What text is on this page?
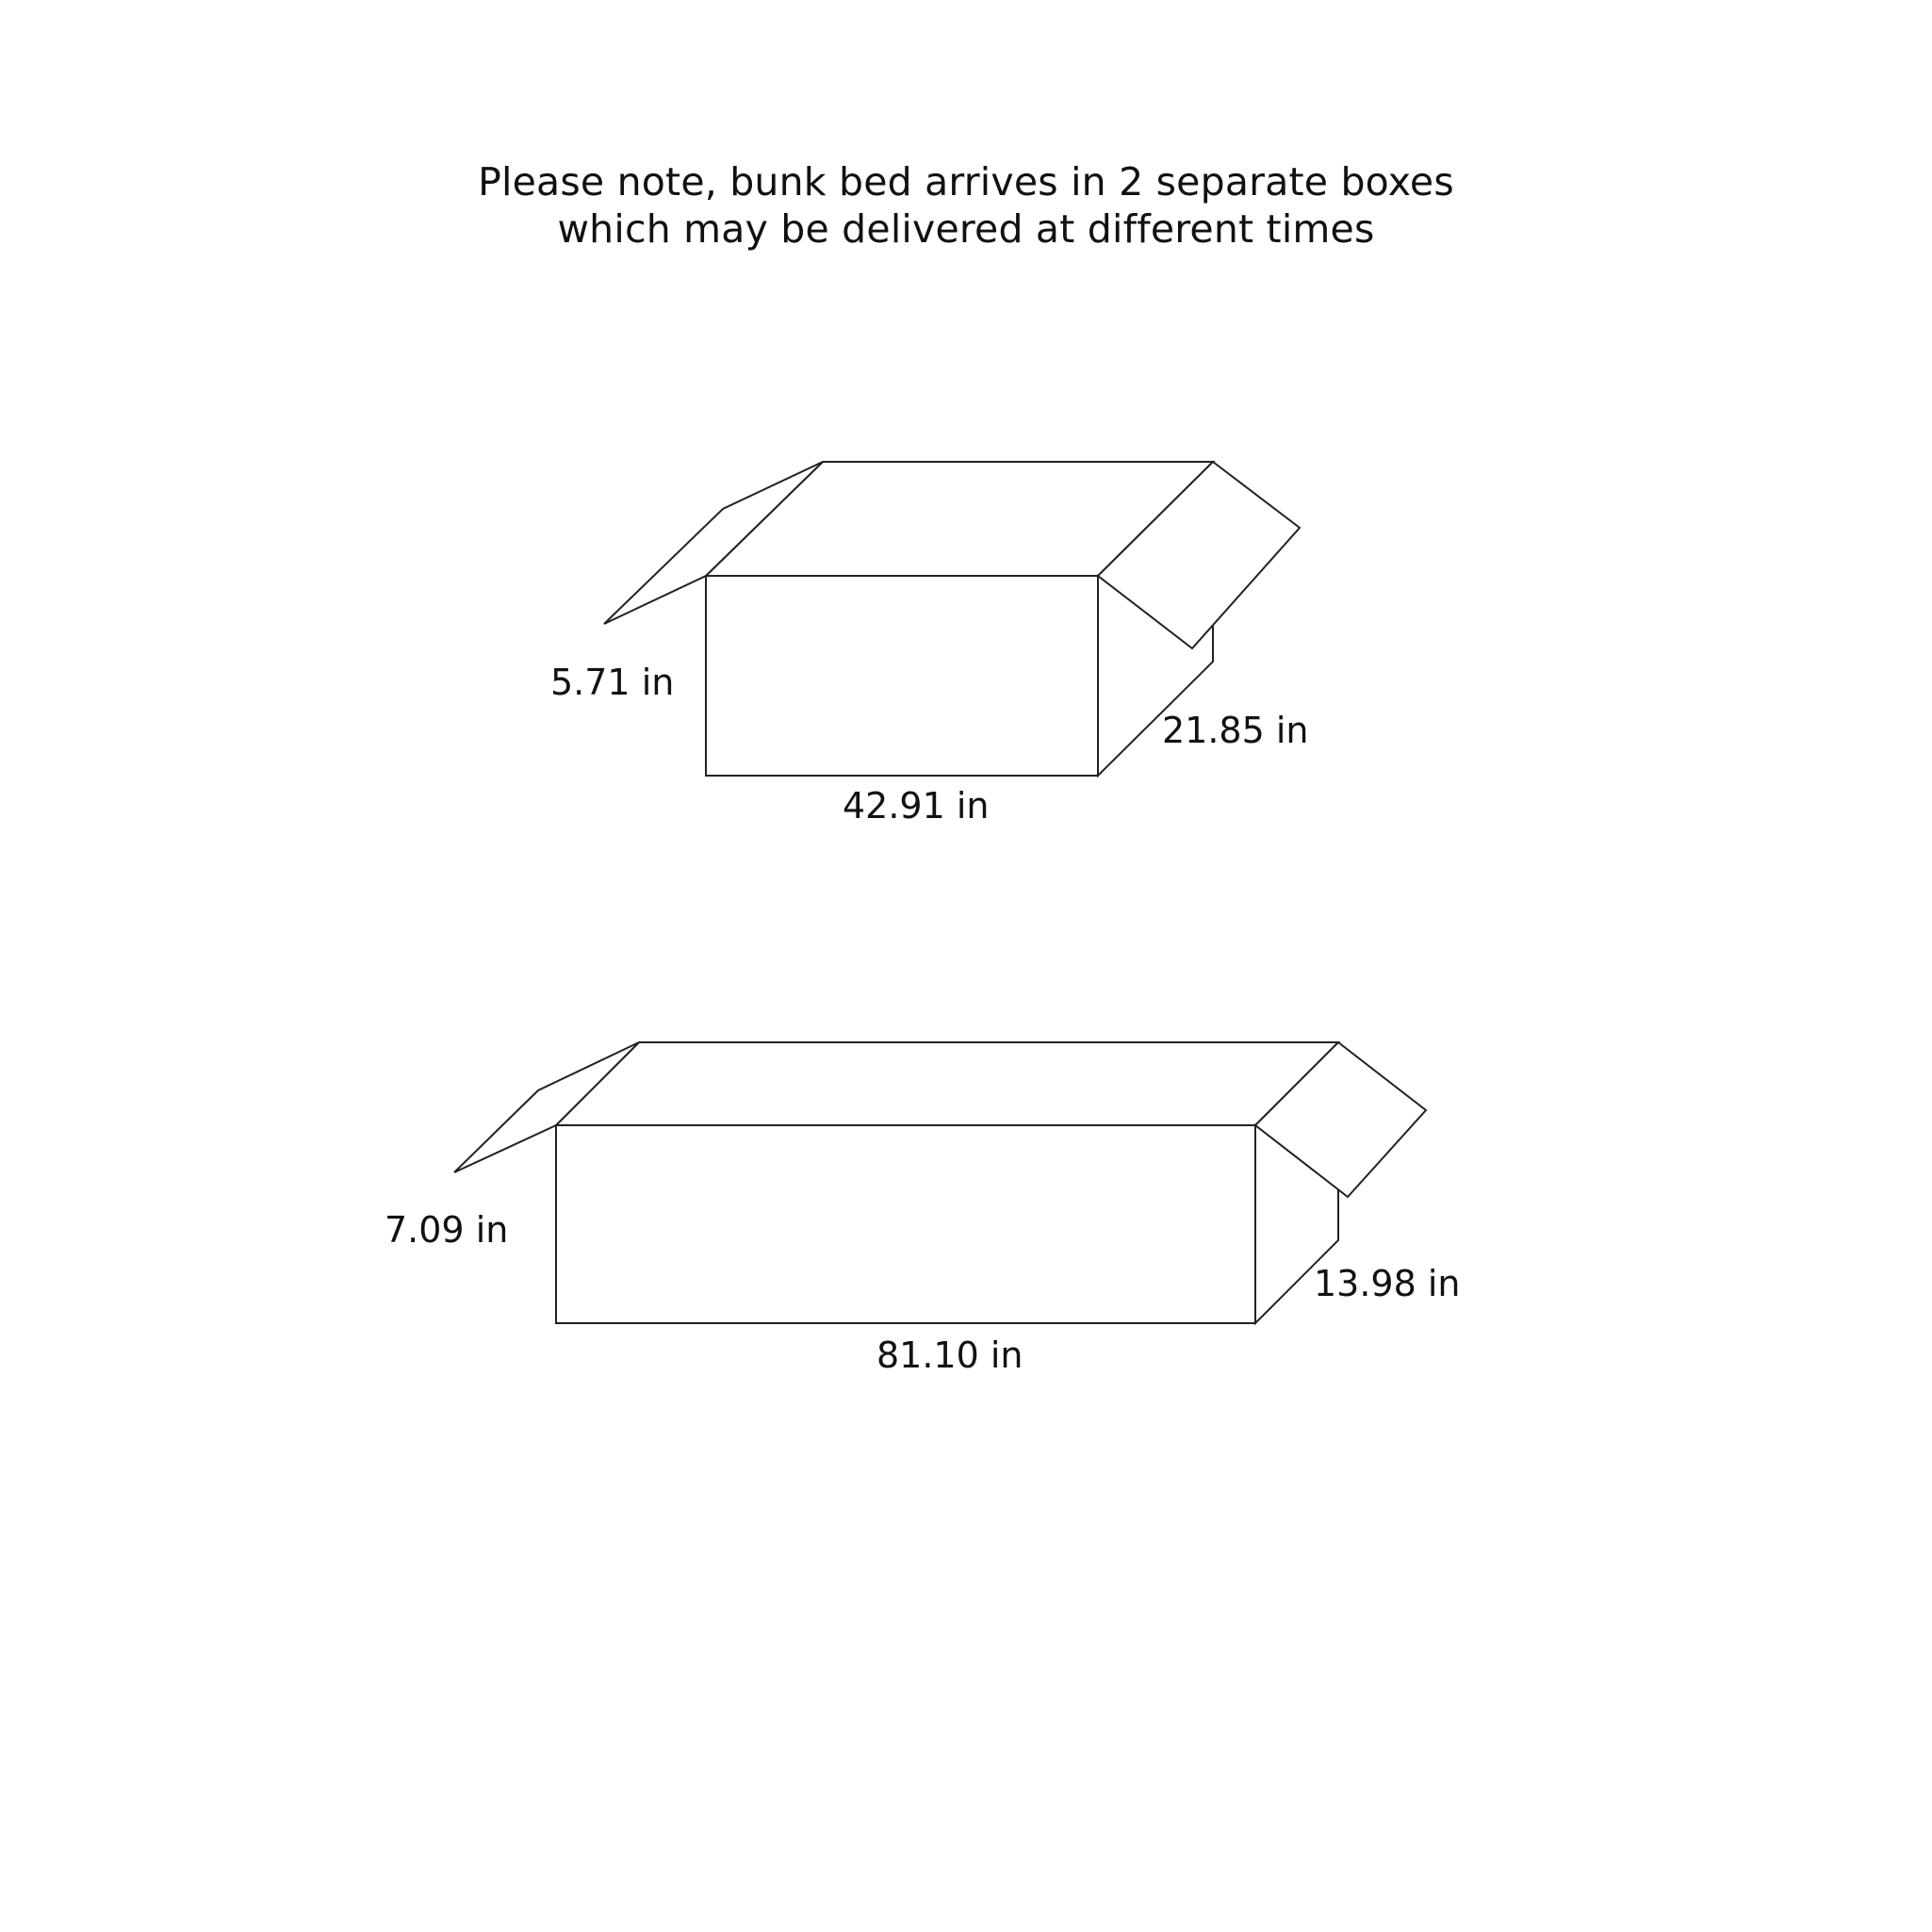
Please note, bunk bed arrives in 2 separate boxes
which may be delivered at different times
5.71 in
21.85 in
42.91 in
7.09 in
13.98 in
81.10 in
